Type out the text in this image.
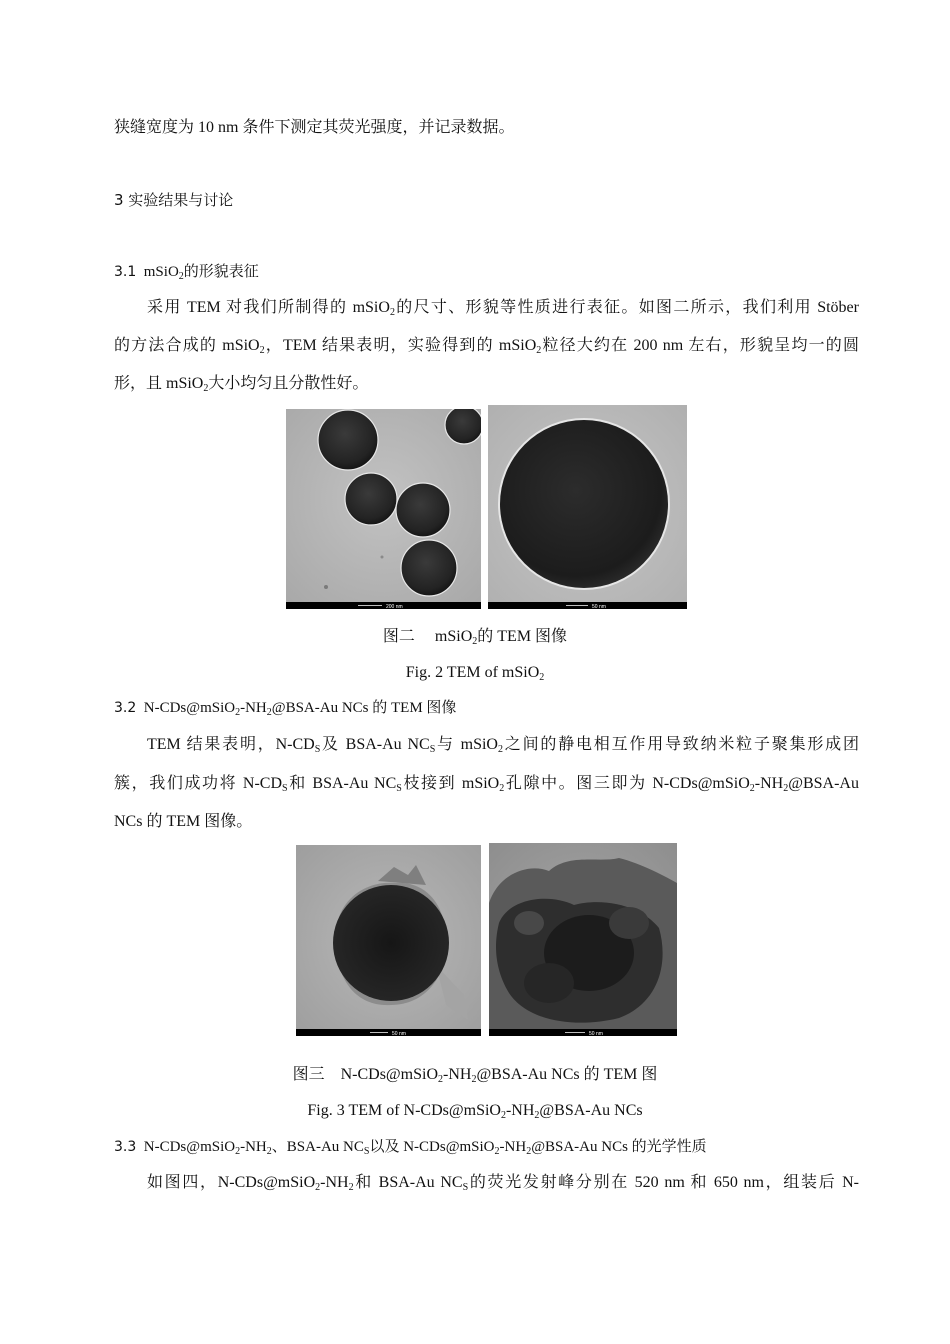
狭缝宽度为 10 nm 条件下测定其荧光强度，并记录数据。
3 实验结果与讨论
3.1 mSiO$_2$的形貌表征
采用 TEM 对我们所制得的 mSiO$_2$的尺寸、形貌等性质进行表征。如图二所示，我们利用 Stöber
的方法合成的 mSiO$_2$，TEM 结果表明，实验得到的 mSiO$_2$粒径大约在 200 nm 左右，形貌呈均一的圆
形，且 mSiO$_2$大小均匀且分散性好。
200 nm	50 nm
图二　 mSiO$_2$的 TEM 图像
Fig. 2 TEM of mSiO$_2$
3.2 $N-CDs@mSiO_2-NH_2@BSA-Au$ NCs 的 TEM 图像
TEM 结果表明，$N-CD_S$及 BSA-Au $NC_S$与 mSiO$_2$之间的静电相互作用导致纳米粒子聚集形成团
簇，我们成功将 $N-CD_S$和 BSA-Au $NC_S$枝接到 mSiO$_2$孔隙中。图三即为 $N-CDs@mSiO_2-NH_2@BSA-Au$
NCs 的 TEM 图像。
50 nm	50 nm
图三　$N-CDs@mSiO_2-NH_2@BSA-Au$ NCs 的 TEM 图
Fig. 3 TEM of $N-CDs@mSiO_2-NH_2@BSA-Au$ NCs
3.3 $N-CDs@mSiO_2-NH_2$、BSA-Au $NC_S$以及 $N-CDs@mSiO_2-NH_2@BSA-Au$ NCs 的光学性质
如图四，$N-CDs@mSiO_2-NH_2$和 BSA-Au $NC_S$的荧光发射峰分别在 520 nm 和 650 nm，组装后 N-
